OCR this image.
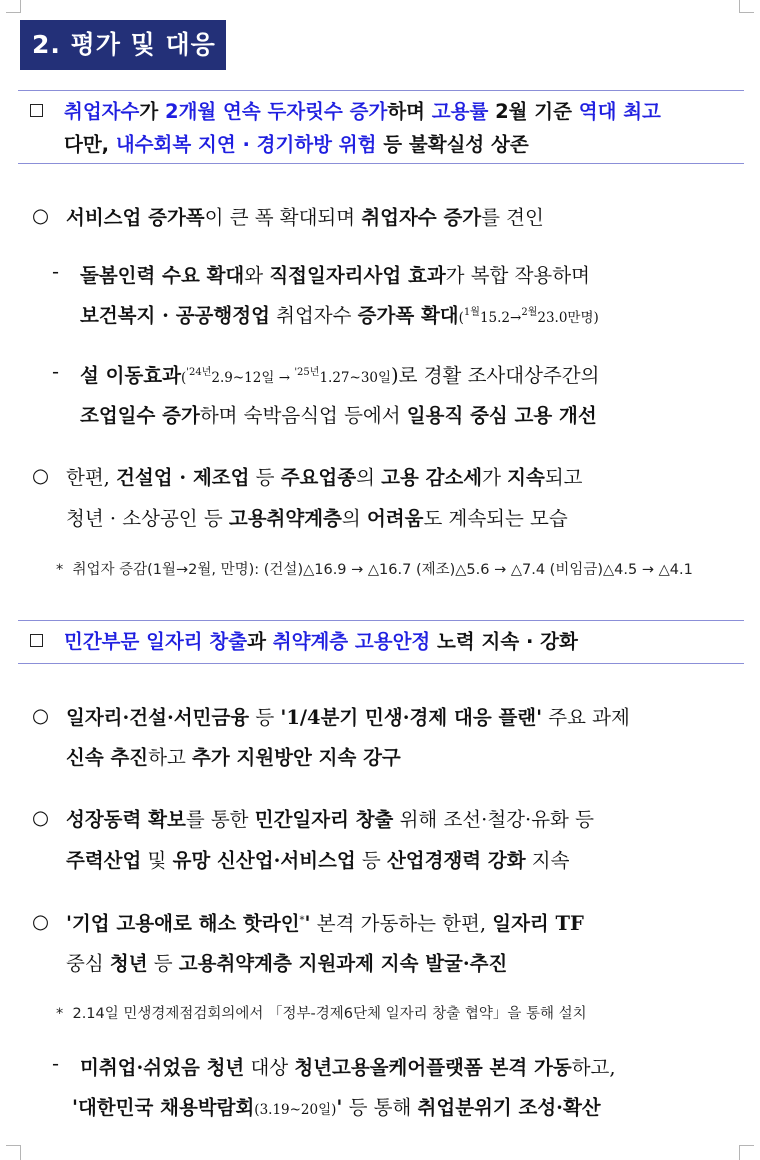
2. 평가 및 대응
취업자수가 2개월 연속 두자릿수 증가하며 고용률 2월 기준 역대 최고
다만, 내수회복 지연 · 경기하방 위험 등 불확실성 상존
○ 서비스업 증가폭이 큰 폭 확대되며 취업자수 증가를 견인
- 돌봄인력 수요 확대와 직접일자리사업 효과가 복합 작용하며
보건복지 · 공공행정업 취업자수 증가폭 확대($^{1월}$15.2→$^{2월}$23.0만명)
- 설 이동효과($^{'24년}$2.9~12일 → $^{'25년}$1.27~30일)로 경활 조사대상주간의
조업일수 증가하며 숙박음식업 등에서 일용직 중심 고용 개선
○ 한편, 건설업 · 제조업 등 주요업종의 고용 감소세가 지속되고
청년 · 소상공인 등 고용취약계층의 어려움도 계속되는 모습
* 취업자 증감(1월→2월, 만명): (건설)△16.9 → △16.7 (제조)△5.6 → △7.4 (비임금)△4.5 → △4.1
민간부문 일자리 창출과 취약계층 고용안정 노력 지속 · 강화
○ 일자리·건설·서민금융 등 '1/4분기 민생·경제 대응 플랜' 주요 과제
신속 추진하고 추가 지원방안 지속 강구
○ 성장동력 확보를 통한 민간일자리 창출 위해 조선·철강·유화 등
주력산업 및 유망 신산업·서비스업 등 산업경쟁력 강화 지속
○ '기업 고용애로 해소 핫라인*' 본격 가동하는 한편, 일자리 TF
중심 청년 등 고용취약계층 지원과제 지속 발굴·추진
* 2.14일 민생경제점검회의에서 「정부-경제6단체 일자리 창출 협약」을 통해 설치
- 미취업·쉬었음 청년 대상 청년고용올케어플랫폼 본격 가동하고,
'대한민국 채용박람회(3.19~20일)' 등 통해 취업분위기 조성·확산
